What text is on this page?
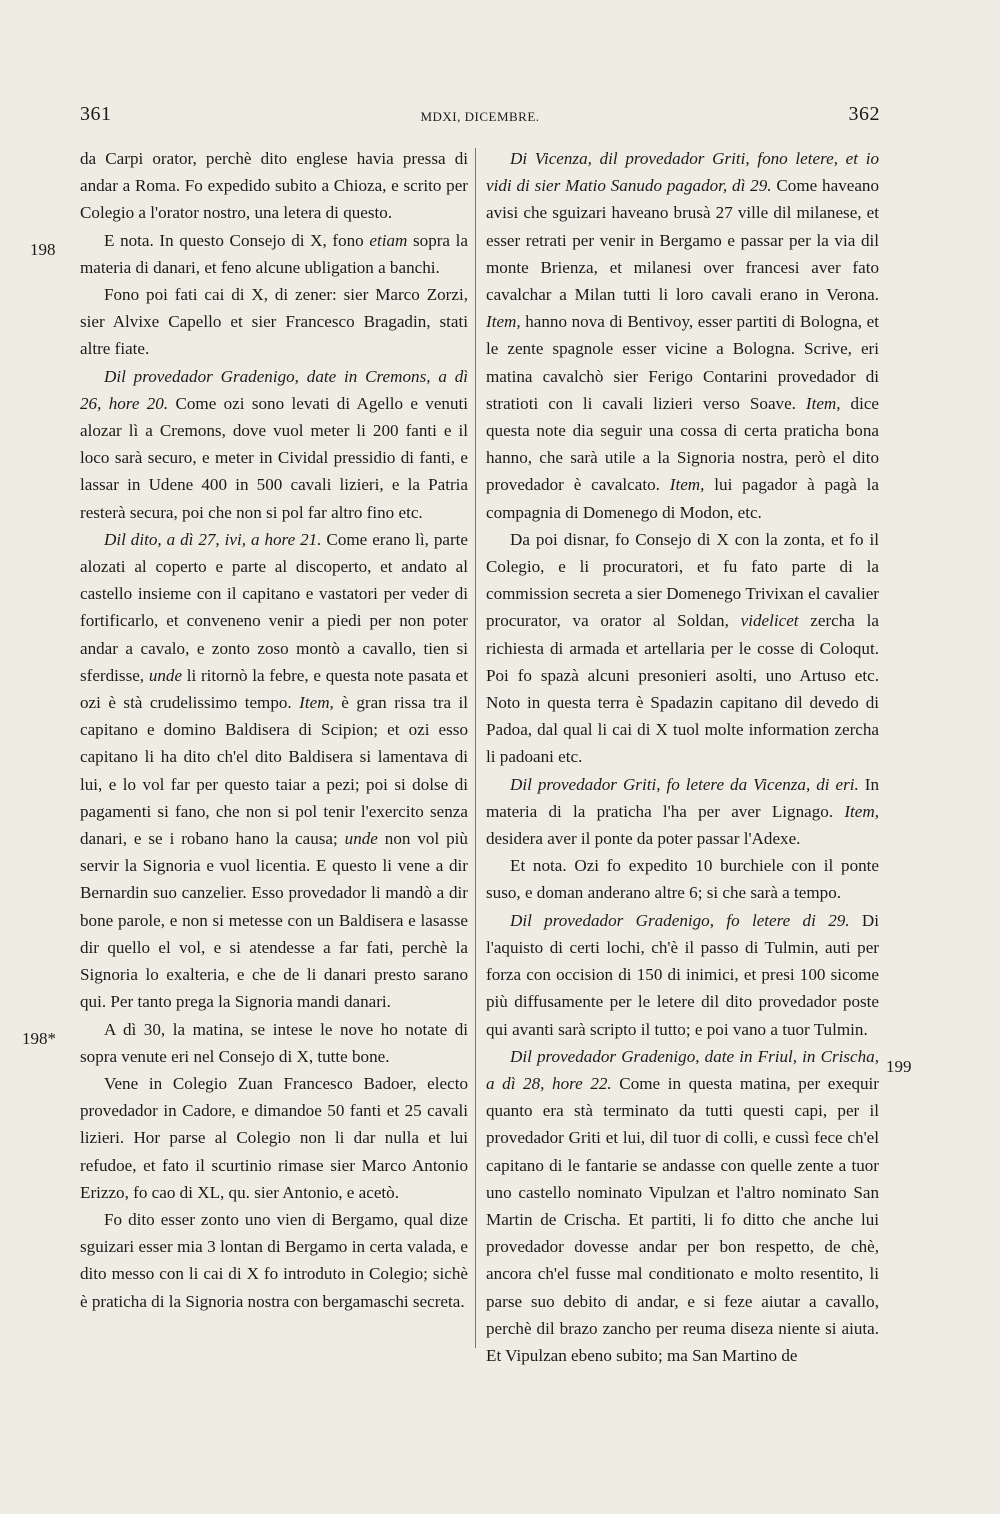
361	MDXI, DICEMBRE.	362
198
198*
199

da Carpi orator, perchè dito englese havia pressa di andar a Roma. Fo expedido subito a Chioza, e scrito per Colegio a l'orator nostro, una letera di questo.

E nota. In questo Consejo di X, fono etiam sopra la materia di danari, et feno alcune ubligation a banchi.

Fono poi fati cai di X, di zener: sier Marco Zorzi, sier Alvixe Capello et sier Francesco Bragadin, stati altre fiate.

Dil provedador Gradenigo, date in Cremons, a dì 26, hore 20. Come ozi sono levati di Agello e venuti alozar lì a Cremons, dove vuol meter li 200 fanti e il loco sarà securo, e meter in Cividal pressidio di fanti, e lassar in Udene 400 in 500 cavali lizieri, e la Patria resterà secura, poi che non si pol far altro fino etc.

Dil dito, a dì 27, ivi, a hore 21. Come erano lì, parte alozati al coperto e parte al discoperto, et andato al castello insieme con il capitano e vastatori per veder di fortificarlo, et conveneno venir a piedi per non poter andar a cavalo, e zonto zoso montò a cavallo, tien si sferdisse, unde li ritornò la febre, e questa note pasata et ozi è stà crudelissimo tempo. Item, è gran rissa tra il capitano e domino Baldisera di Scipion; et ozi esso capitano li ha dito ch'el dito Baldisera si lamentava di lui, e lo vol far per questo taiar a pezi; poi si dolse di pagamenti si fano, che non si pol tenir l'exercito senza danari, e se i robano hano la causa; unde non vol più servir la Signoria e vuol licentia. E questo li vene a dir Bernardin suo canzelier. Esso provedador li mandò a dir bone parole, e non si metesse con un Baldisera e lasasse dir quello el vol, e si atendesse a far fati, perchè la Signoria lo exalteria, e che de li danari presto sarano qui. Per tanto prega la Signoria mandi danari.

A dì 30, la matina, se intese le nove ho notate di sopra venute eri nel Consejo di X, tutte bone.

Vene in Colegio Zuan Francesco Badoer, electo provedador in Cadore, e dimandoe 50 fanti et 25 cavali lizieri. Hor parse al Colegio non li dar nulla et lui refudoe, et fato il scurtinio rimase sier Marco Antonio Erizzo, fo cao di XL, qu. sier Antonio, e acetò.

Fo dito esser zonto uno vien di Bergamo, qual dize sguizari esser mia 3 lontan di Bergamo in certa valada, e dito messo con li cai di X fo introduto in Colegio; sichè è praticha di la Signoria nostra con bergamaschi secreta.

Di Vicenza, dil provedador Griti, fono letere, et io vidi di sier Matio Sanudo pagador, dì 29. Come haveano avisi che sguizari haveano brusà 27 ville dil milanese, et esser retrati per venir in Bergamo e passar per la via dil monte Brienza, et milanesi over francesi aver fato cavalchar a Milan tutti li loro cavali erano in Verona. Item, hanno nova di Bentivoy, esser partiti di Bologna, et le zente spagnole esser vicine a Bologna. Scrive, eri matina cavalchò sier Ferigo Contarini provedador di stratioti con li cavali lizieri verso Soave. Item, dice questa note dia seguir una cossa di certa praticha bona hanno, che sarà utile a la Signoria nostra, però el dito provedador è cavalcato. Item, lui pagador à pagà la compagnia di Domenego di Modon, etc.

Da poi disnar, fo Consejo di X con la zonta, et fo il Colegio, e li procuratori, et fu fato parte di la commission secreta a sier Domenego Trivixan el cavalier procurator, va orator al Soldan, videlicet zercha la richiesta di armada et artellaria per le cosse di Coloqut. Poi fo spazà alcuni presonieri asolti, uno Artuso etc. Noto in questa terra è Spadazin capitano dil devedo di Padoa, dal qual li cai di X tuol molte information zercha li padoani etc.

Dil provedador Griti, fo letere da Vicenza, di eri. In materia di la praticha l'ha per aver Lignago. Item, desidera aver il ponte da poter passar l'Adexe.

Et nota. Ozi fo expedito 10 burchiele con il ponte suso, e doman anderano altre 6; si che sarà a tempo.

Dil provedador Gradenigo, fo letere di 29. Di l'aquisto di certi lochi, ch'è il passo di Tulmin, auti per forza con occision di 150 di inimici, et presi 100 sicome più diffusamente per le letere dil dito provedador poste qui avanti sarà scripto il tutto; e poi vano a tuor Tulmin.

Dil provedador Gradenigo, date in Friul, in Crischa, a dì 28, hore 22. Come in questa matina, per exequir quanto era stà terminato da tutti questi capi, per il provedador Griti et lui, dil tuor di colli, e cussì fece ch'el capitano di le fantarie se andasse con quelle zente a tuor uno castello nominato Vipulzan et l'altro nominato San Martin de Crischa. Et partiti, li fo ditto che anche lui provedador dovesse andar per bon respetto, de chè, ancora ch'el fusse mal conditionato e molto resentito, li parse suo debito di andar, e si feze aiutar a cavallo, perchè dil brazo zancho per reuma diseza niente si aiuta. Et Vipulzan ebeno subito; ma San Martino de
